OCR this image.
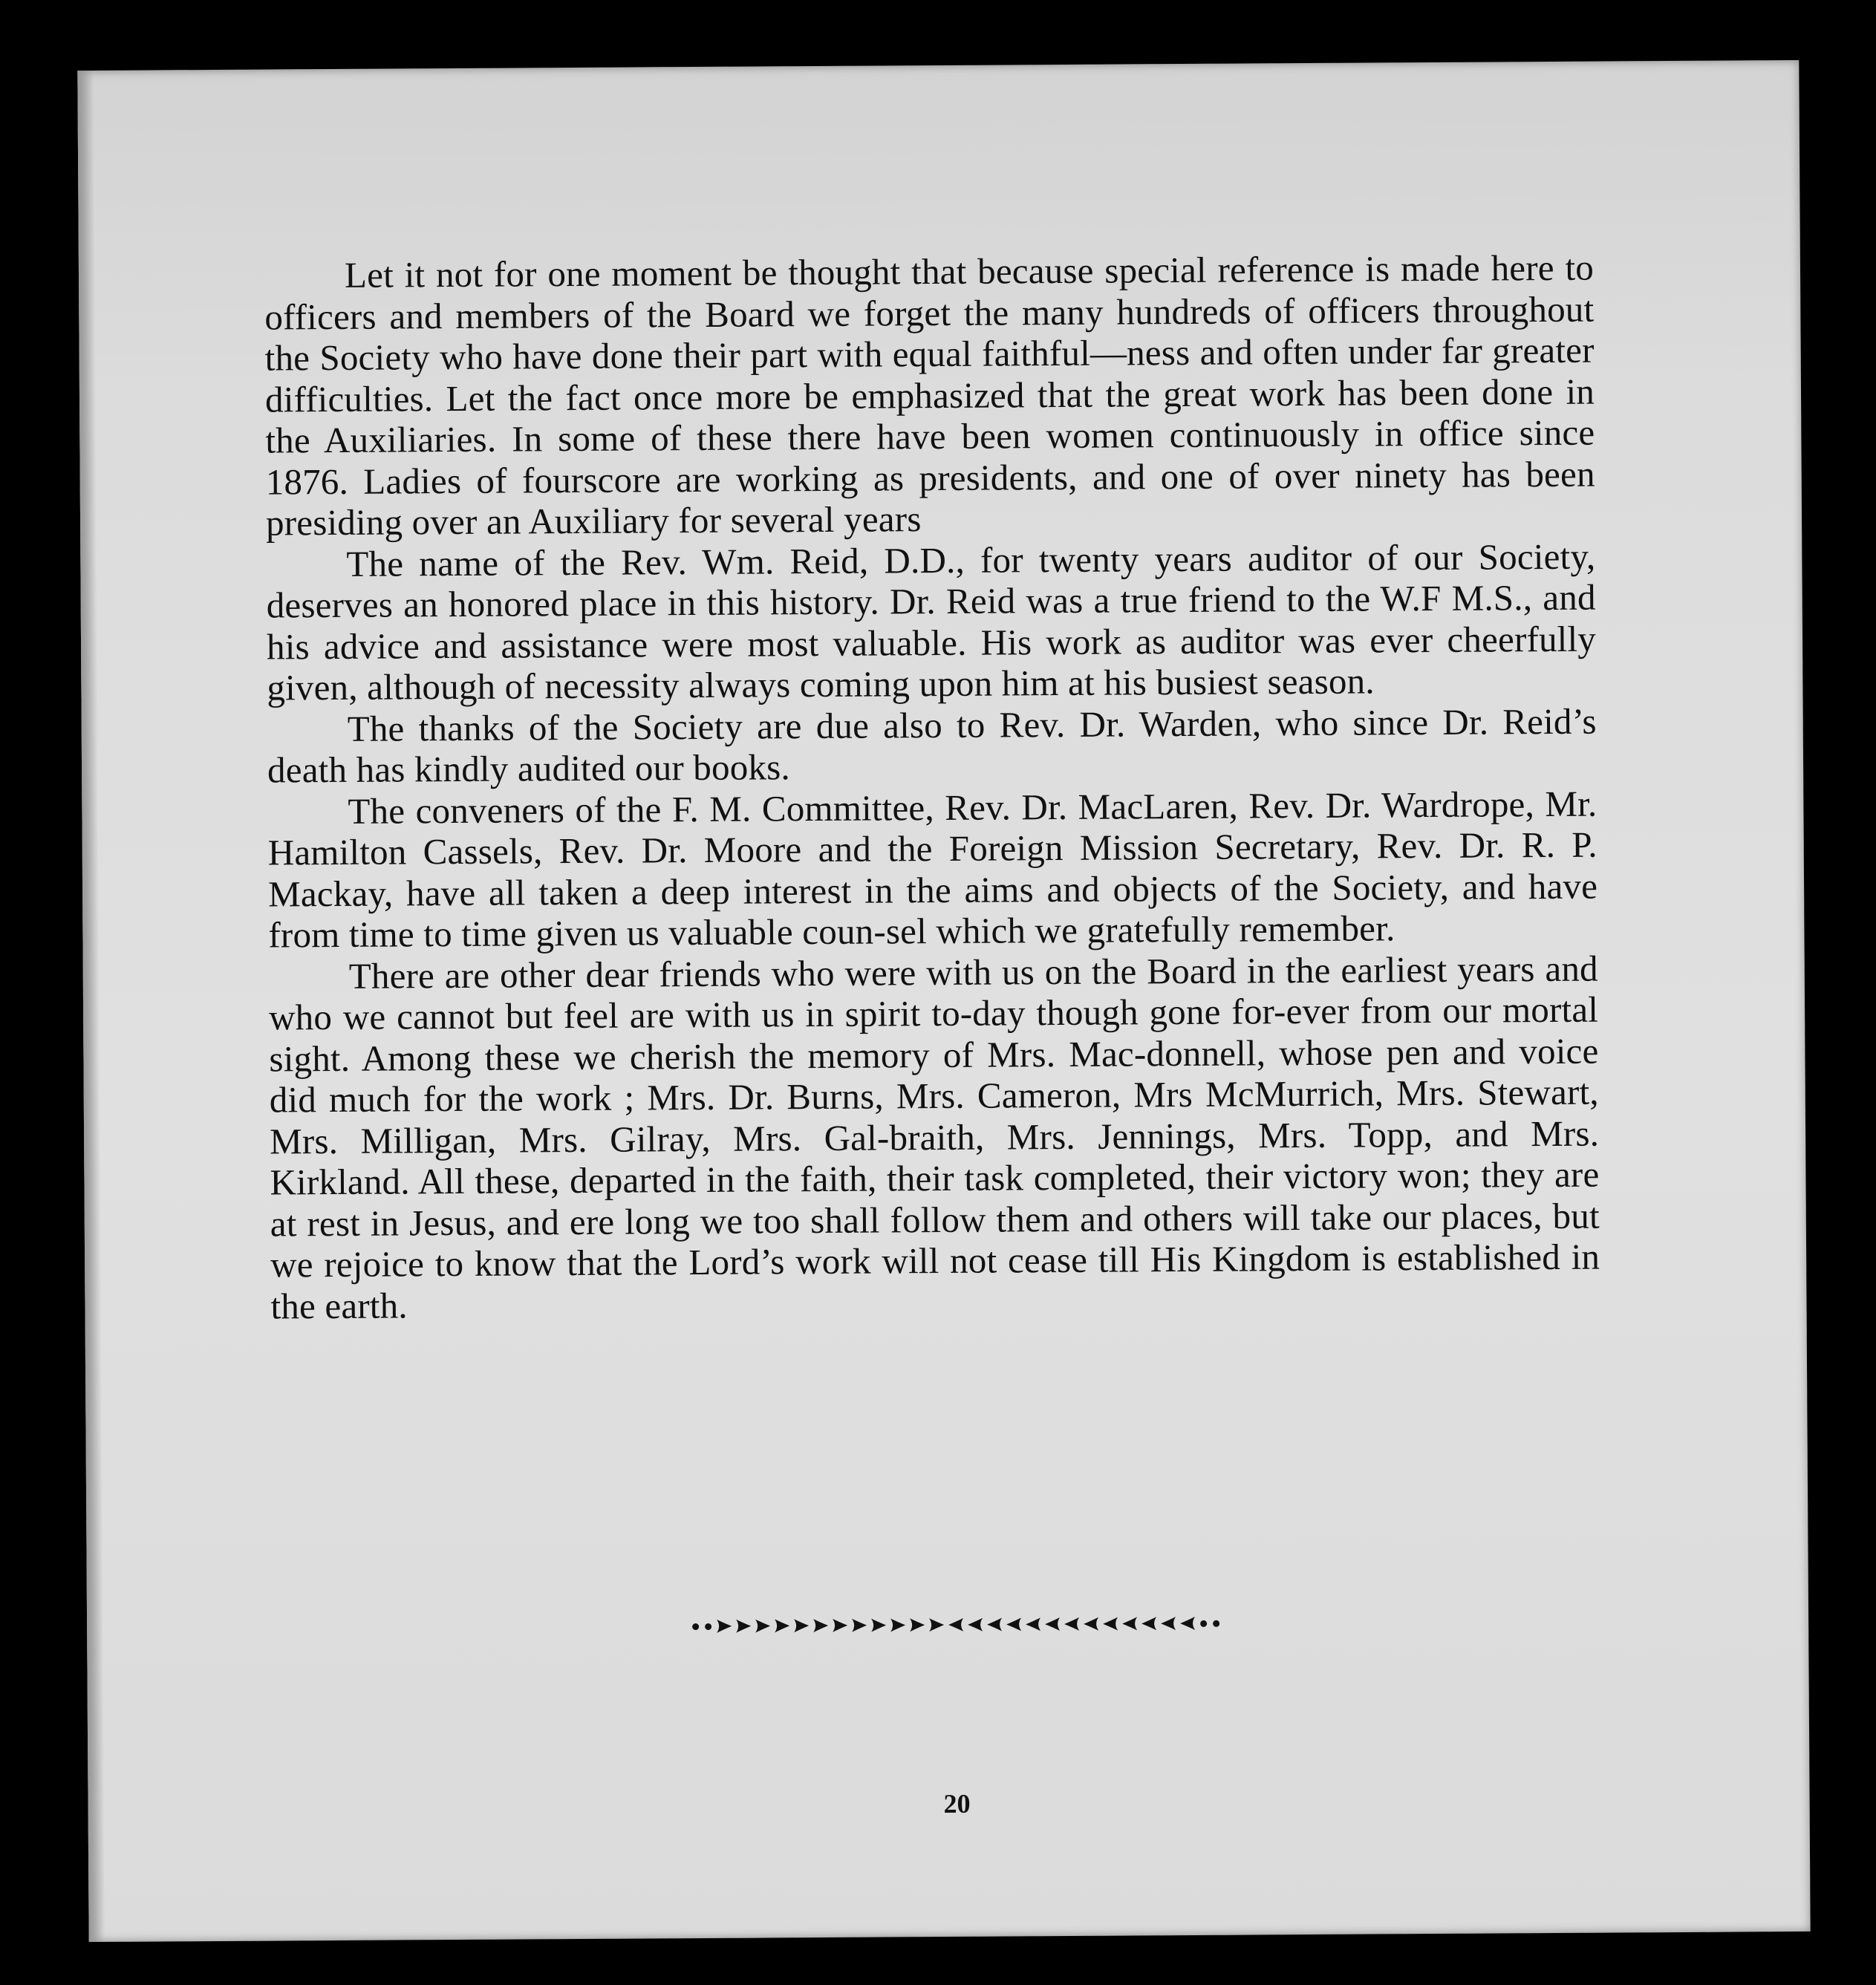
Let it not for one moment be thought that because special reference is made here to officers and members of the Board we forget the many hundreds of officers throughout the Society who have done their part with equal faithful—ness and often under far greater difficulties. Let the fact once more be emphasized that the great work has been done in the Auxiliaries. In some of these there have been women continuously in office since 1876. Ladies of fourscore are working as presidents, and one of over ninety has been presiding over an Auxiliary for several years

The name of the Rev. Wm. Reid, D.D., for twenty years auditor of our Society, deserves an honored place in this history. Dr. Reid was a true friend to the W.F M.S., and his advice and assistance were most valuable. His work as auditor was ever cheerfully given, although of necessity always coming upon him at his busiest season.

The thanks of the Society are due also to Rev. Dr. Warden, who since Dr. Reid’s death has kindly audited our books.

The conveners of the F. M. Committee, Rev. Dr. MacLaren, Rev. Dr. Wardrope, Mr. Hamilton Cassels, Rev. Dr. Moore and the Foreign Mission Secretary, Rev. Dr. R. P. Mackay, have all taken a deep interest in the aims and objects of the Society, and have from time to time given us valuable coun-sel which we gratefully remember.

There are other dear friends who were with us on the Board in the earliest years and who we cannot but feel are with us in spirit to-day though gone for-ever from our mortal sight. Among these we cherish the memory of Mrs. Mac-donnell, whose pen and voice did much for the work ; Mrs. Dr. Burns, Mrs. Cameron, Mrs McMurrich, Mrs. Stewart, Mrs. Milligan, Mrs. Gilray, Mrs. Gal-braith, Mrs. Jennings, Mrs. Topp, and Mrs. Kirkland. All these, departed in the faith, their task completed, their victory won; they are at rest in Jesus, and ere long we too shall follow them and others will take our places, but we rejoice to know that the Lord’s work will not cease till His Kingdom is established in the earth.

20
